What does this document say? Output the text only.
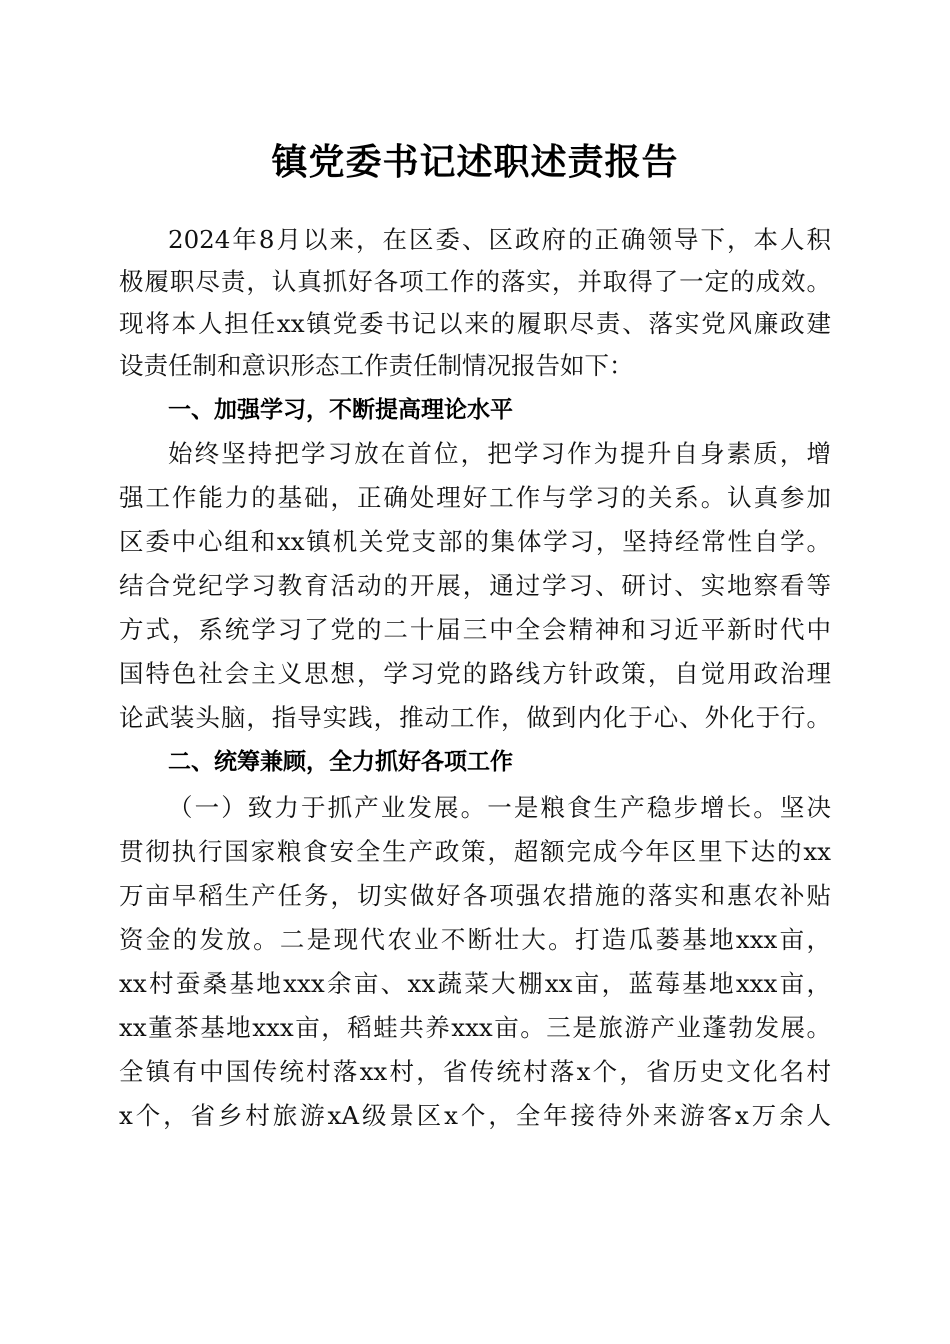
镇党委书记述职述责报告
2024年8月以来，在区委、区政府的正确领导下，本人积
极履职尽责，认真抓好各项工作的落实，并取得了一定的成效。
现将本人担任xx镇党委书记以来的履职尽责、落实党风廉政建
设责任制和意识形态工作责任制情况报告如下：
一、加强学习，不断提高理论水平
始终坚持把学习放在首位，把学习作为提升自身素质，增
强工作能力的基础，正确处理好工作与学习的关系。认真参加
区委中心组和xx镇机关党支部的集体学习，坚持经常性自学。
结合党纪学习教育活动的开展，通过学习、研讨、实地察看等
方式，系统学习了党的二十届三中全会精神和习近平新时代中
国特色社会主义思想，学习党的路线方针政策，自觉用政治理
论武装头脑，指导实践，推动工作，做到内化于心、外化于行。
二、统筹兼顾，全力抓好各项工作
（一）致力于抓产业发展。一是粮食生产稳步增长。坚决
贯彻执行国家粮食安全生产政策，超额完成今年区里下达的xx
万亩早稻生产任务，切实做好各项强农措施的落实和惠农补贴
资金的发放。二是现代农业不断壮大。打造瓜蒌基地xxx亩，
xx村蚕桑基地xxx余亩、xx蔬菜大棚xx亩，蓝莓基地xxx亩，
xx董茶基地xxx亩，稻蛙共养xxx亩。三是旅游产业蓬勃发展。
全镇有中国传统村落xx村，省传统村落x个，省历史文化名村
x个，省乡村旅游xA级景区x个，全年接待外来游客x万余人
